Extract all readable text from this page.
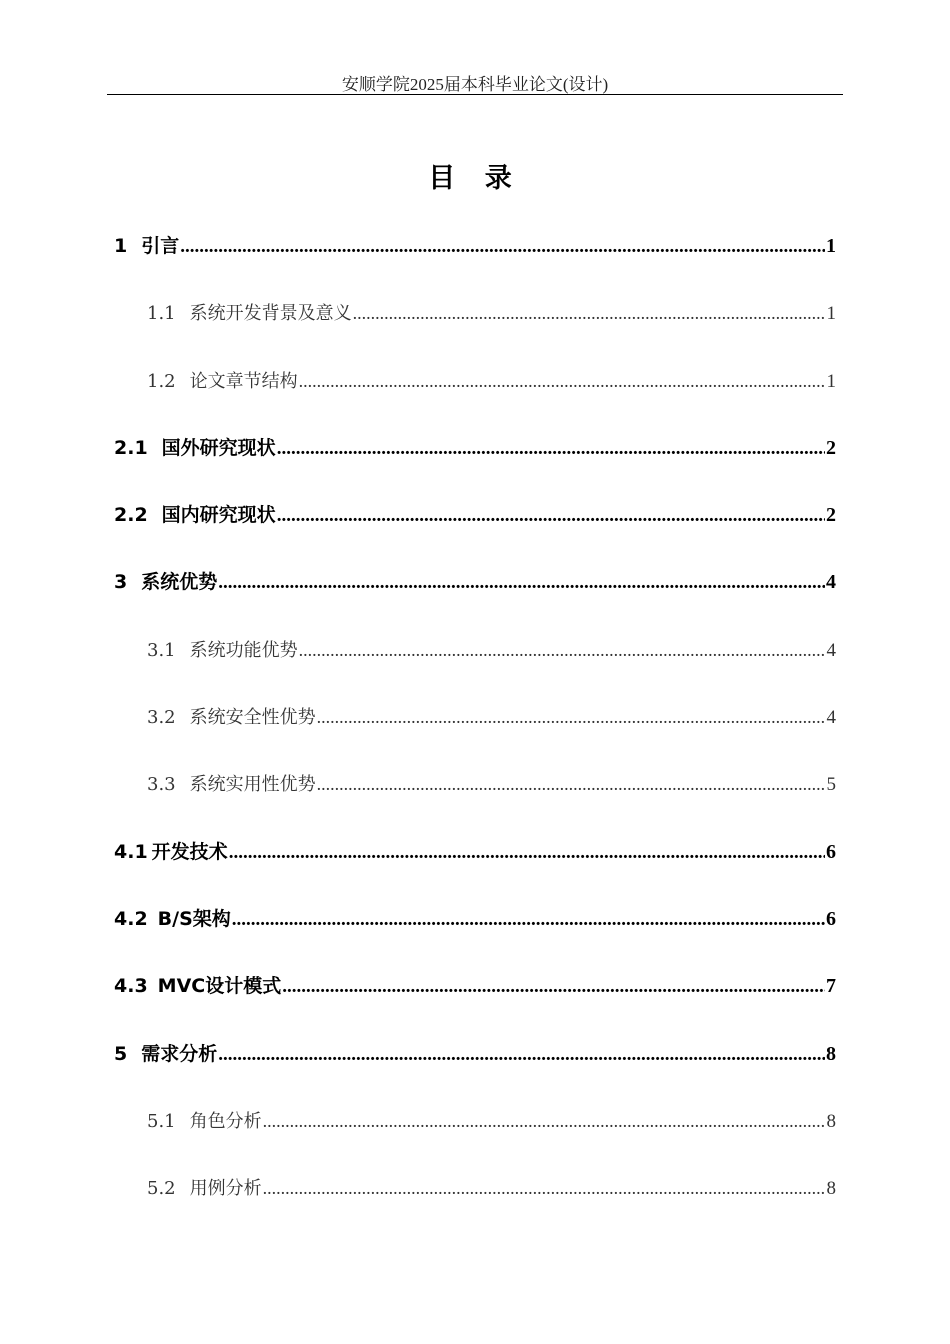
安顺学院2025届本科毕业论文(设计)
目 录
1 引言 .....	1
1.1 系统开发背景及意义 .....	1
1.2 论文章节结构 .....	1
2.1 国外研究现状 .....	2
2.2 国内研究现状 .....	2
3 系统优势 .....	4
3.1 系统功能优势 .....	4
3.2 系统安全性优势 .....	4
3.3 系统实用性优势 .....	5
4.1 开发技术 .....	6
4.2 B/S架构 .....	6
4.3 MVC设计模式 .....	7
5 需求分析 .....	8
5.1 角色分析 .....	8
5.2 用例分析 .....	8
